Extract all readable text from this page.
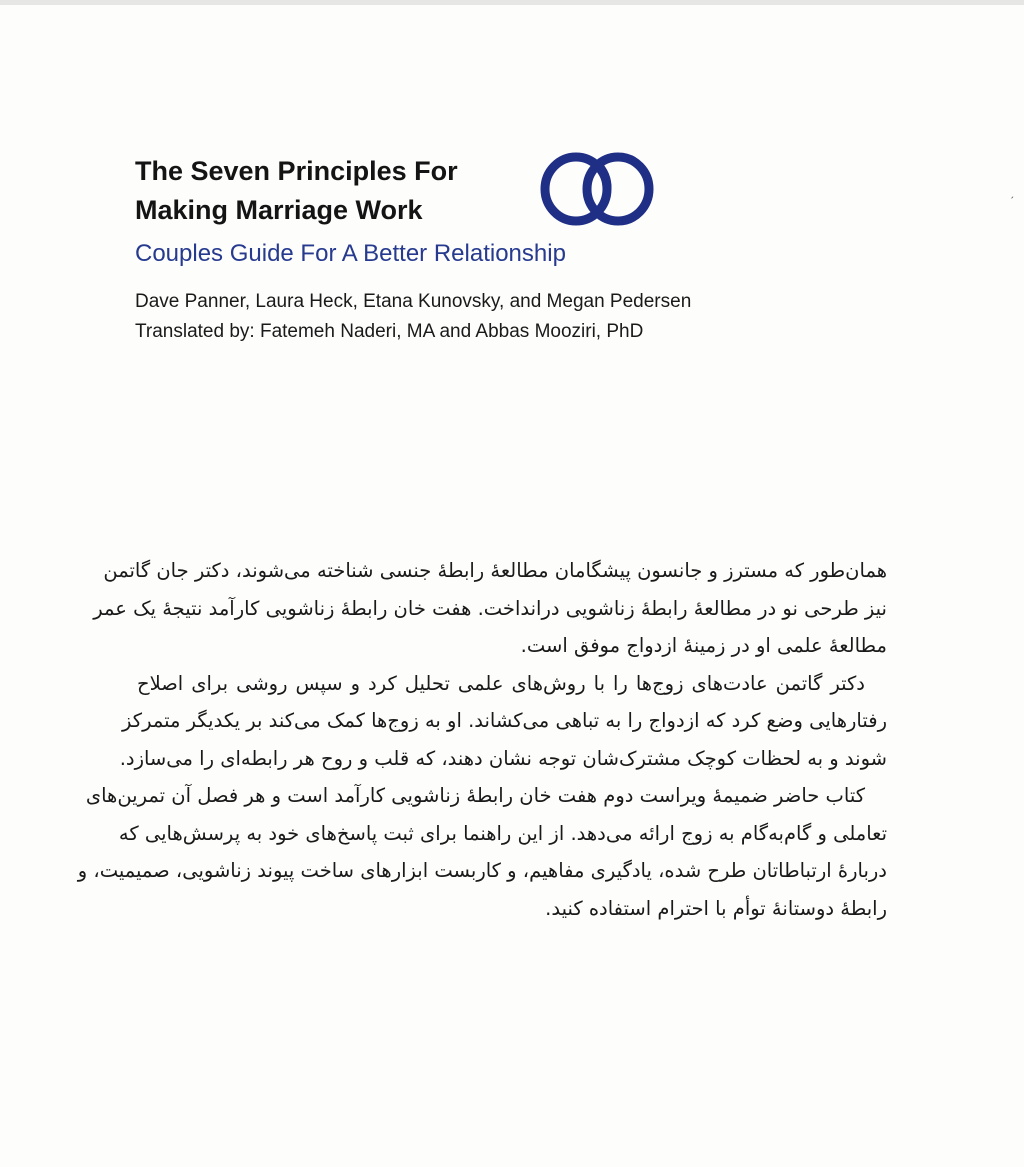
ˏ
The Seven Principles For
Making Marriage Work
Couples Guide For A Better Relationship
Dave Panner, Laura Heck, Etana Kunovsky, and Megan Pedersen
Translated by: Fatemeh Naderi, MA and Abbas Mooziri, PhD
همان‌طور که مسترز و جانسون پیشگامان مطالعهٔ رابطهٔ جنسی شناخته می‌شوند، دکتر جان گاتمن
نیز طرحی نو در مطالعهٔ رابطهٔ زناشویی درانداخت. هفت خان رابطهٔ زناشویی کارآمد نتیجهٔ یک عمر
مطالعهٔ علمی او در زمینهٔ ازدواج موفق است.
دکتر گاتمن عادت‌های زوج‌ها را با روش‌های علمی تحلیل کرد و سپس روشی برای اصلاح
رفتارهایی وضع کرد که ازدواج را به تباهی می‌کشاند. او به زوج‌ها کمک می‌کند بر یکدیگر متمرکز
شوند و به لحظات کوچک مشترک‌شان توجه نشان دهند، که قلب و روح هر رابطه‌ای را می‌سازد.
کتاب حاضر ضمیمهٔ ویراست دوم هفت خان رابطهٔ زناشویی کارآمد است و هر فصل آن تمرین‌های
تعاملی و گام‌به‌گام به زوج ارائه می‌دهد. از این راهنما برای ثبت پاسخ‌های خود به پرسش‌هایی که
دربارهٔ ارتباطاتان طرح شده، یادگیری مفاهیم، و کاربست ابزارهای ساخت پیوند زناشویی، صمیمیت، و
رابطهٔ دوستانهٔ توأم با احترام استفاده کنید.
